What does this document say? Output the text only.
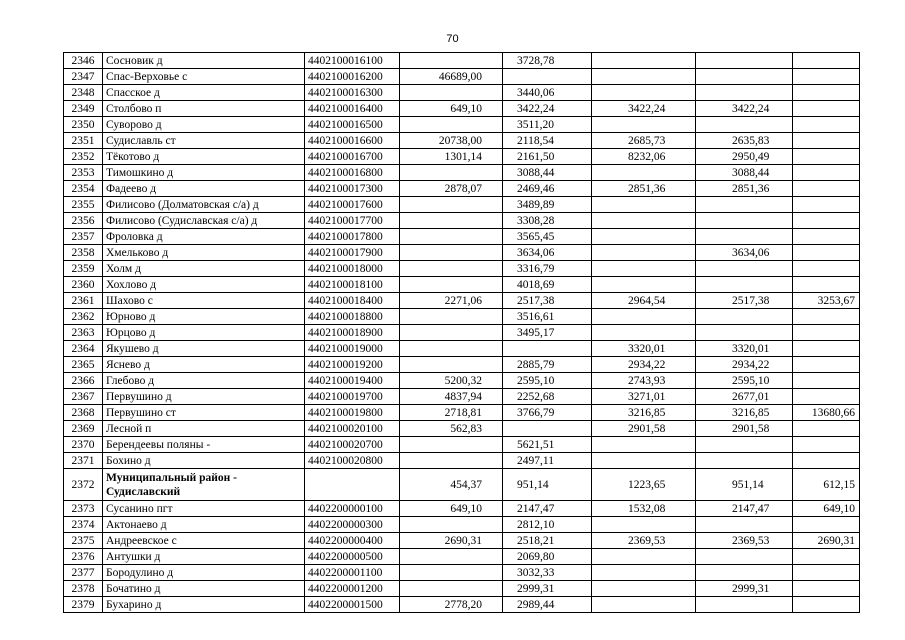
70
2346	Сосновик д	4402100016100		3728,78			
2347	Спас-Верховье с	4402100016200	46689,00				
2348	Спасское д	4402100016300		3440,06			
2349	Столбово п	4402100016400	649,10	3422,24	3422,24	3422,24	
2350	Суворово д	4402100016500		3511,20			
2351	Судиславль ст	4402100016600	20738,00	2118,54	2685,73	2635,83	
2352	Тёкотово д	4402100016700	1301,14	2161,50	8232,06	2950,49	
2353	Тимошкино д	4402100016800		3088,44		3088,44	
2354	Фадеево д	4402100017300	2878,07	2469,46	2851,36	2851,36	
2355	Филисово (Долматовская с/а) д	4402100017600		3489,89			
2356	Филисово (Судиславская с/а) д	4402100017700		3308,28			
2357	Фроловка д	4402100017800		3565,45			
2358	Хмельково д	4402100017900		3634,06		3634,06	
2359	Холм д	4402100018000		3316,79			
2360	Хохлово д	4402100018100		4018,69			
2361	Шахово с	4402100018400	2271,06	2517,38	2964,54	2517,38	3253,67
2362	Юрново д	4402100018800		3516,61			
2363	Юрцово д	4402100018900		3495,17			
2364	Якушево д	4402100019000			3320,01	3320,01	
2365	Яснево д	4402100019200		2885,79	2934,22	2934,22	
2366	Глебово д	4402100019400	5200,32	2595,10	2743,93	2595,10	
2367	Первушино д	4402100019700	4837,94	2252,68	3271,01	2677,01	
2368	Первушино ст	4402100019800	2718,81	3766,79	3216,85	3216,85	13680,66
2369	Лесной п	4402100020100	562,83		2901,58	2901,58	
2370	Берендеевы поляны -	4402100020700		5621,51			
2371	Бохино д	4402100020800		2497,11			
2372	Муниципальный район - Судиславский		454,37	951,14	1223,65	951,14	612,15
2373	Сусанино пгт	4402200000100	649,10	2147,47	1532,08	2147,47	649,10
2374	Актонаево д	4402200000300		2812,10			
2375	Андреевское с	4402200000400	2690,31	2518,21	2369,53	2369,53	2690,31
2376	Антушки д	4402200000500		2069,80			
2377	Бородулино д	4402200001100		3032,33			
2378	Бочатино д	4402200001200		2999,31		2999,31	
2379	Бухарино д	4402200001500	2778,20	2989,44			
